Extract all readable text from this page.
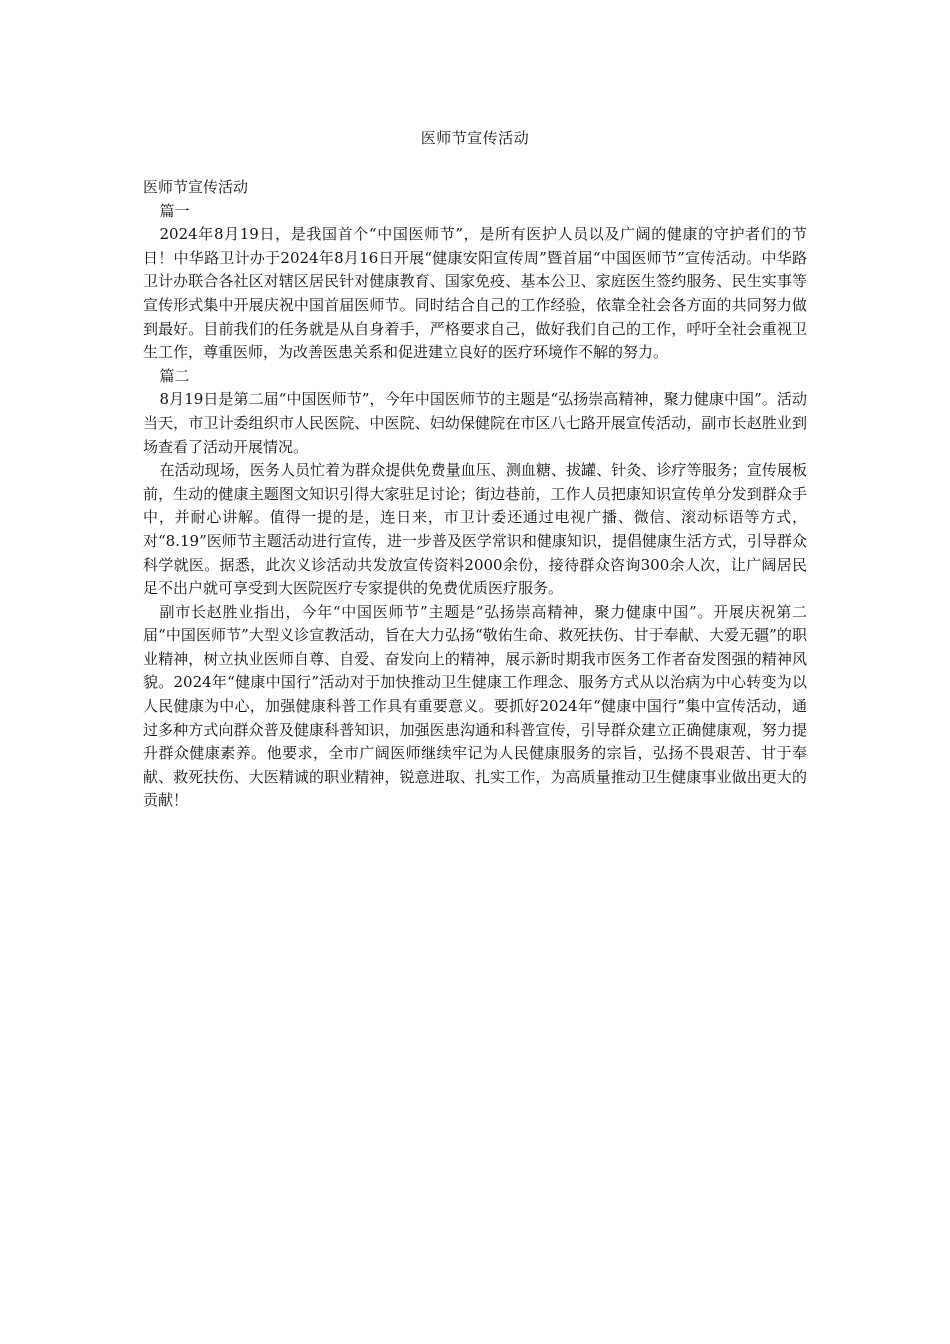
医师节宣传活动

医师节宣传活动

篇一

2024年8月19日，是我国首个“中国医师节”，是所有医护人员以及广阔的健康的守护者们的节日！中华路卫计办于2024年8月16日开展“健康安阳宣传周”暨首届“中国医师节”宣传活动。中华路卫计办联合各社区对辖区居民针对健康教育、国家免疫、基本公卫、家庭医生签约服务、民生实事等宣传形式集中开展庆祝中国首届医师节。同时结合自己的工作经验，依靠全社会各方面的共同努力做到最好。目前我们的任务就是从自身着手，严格要求自己，做好我们自己的工作，呼吁全社会重视卫生工作，尊重医师，为改善医患关系和促进建立良好的医疗环境作不解的努力。

篇二

8月19日是第二届“中国医师节”，今年中国医师节的主题是“弘扬崇高精神，聚力健康中国”。活动当天，市卫计委组织市人民医院、中医院、妇幼保健院在市区八七路开展宣传活动，副市长赵胜业到场查看了活动开展情况。

在活动现场，医务人员忙着为群众提供免费量血压、测血糖、拔罐、针灸、诊疗等服务；宣传展板前，生动的健康主题图文知识引得大家驻足讨论；街边巷前，工作人员把康知识宣传单分发到群众手中，并耐心讲解。值得一提的是，连日来，市卫计委还通过电视广播、微信、滚动标语等方式，对“8.19”医师节主题活动进行宣传，进一步普及医学常识和健康知识，提倡健康生活方式，引导群众科学就医。据悉，此次义诊活动共发放宣传资料2000余份，接待群众咨询300余人次，让广阔居民足不出户就可享受到大医院医疗专家提供的免费优质医疗服务。

副市长赵胜业指出，今年“中国医师节”主题是“弘扬崇高精神，聚力健康中国”。开展庆祝第二届“中国医师节”大型义诊宣教活动，旨在大力弘扬“敬佑生命、救死扶伤、甘于奉献、大爱无疆”的职业精神，树立执业医师自尊、自爱、奋发向上的精神，展示新时期我市医务工作者奋发图强的精神风貌。2024年“健康中国行”活动对于加快推动卫生健康工作理念、服务方式从以治病为中心转变为以人民健康为中心，加强健康科普工作具有重要意义。要抓好2024年“健康中国行”集中宣传活动，通过多种方式向群众普及健康科普知识，加强医患沟通和科普宣传，引导群众建立正确健康观，努力提升群众健康素养。他要求，全市广阔医师继续牢记为人民健康服务的宗旨，弘扬不畏艰苦、甘于奉献、救死扶伤、大医精诚的职业精神，锐意进取、扎实工作，为高质量推动卫生健康事业做出更大的贡献！
